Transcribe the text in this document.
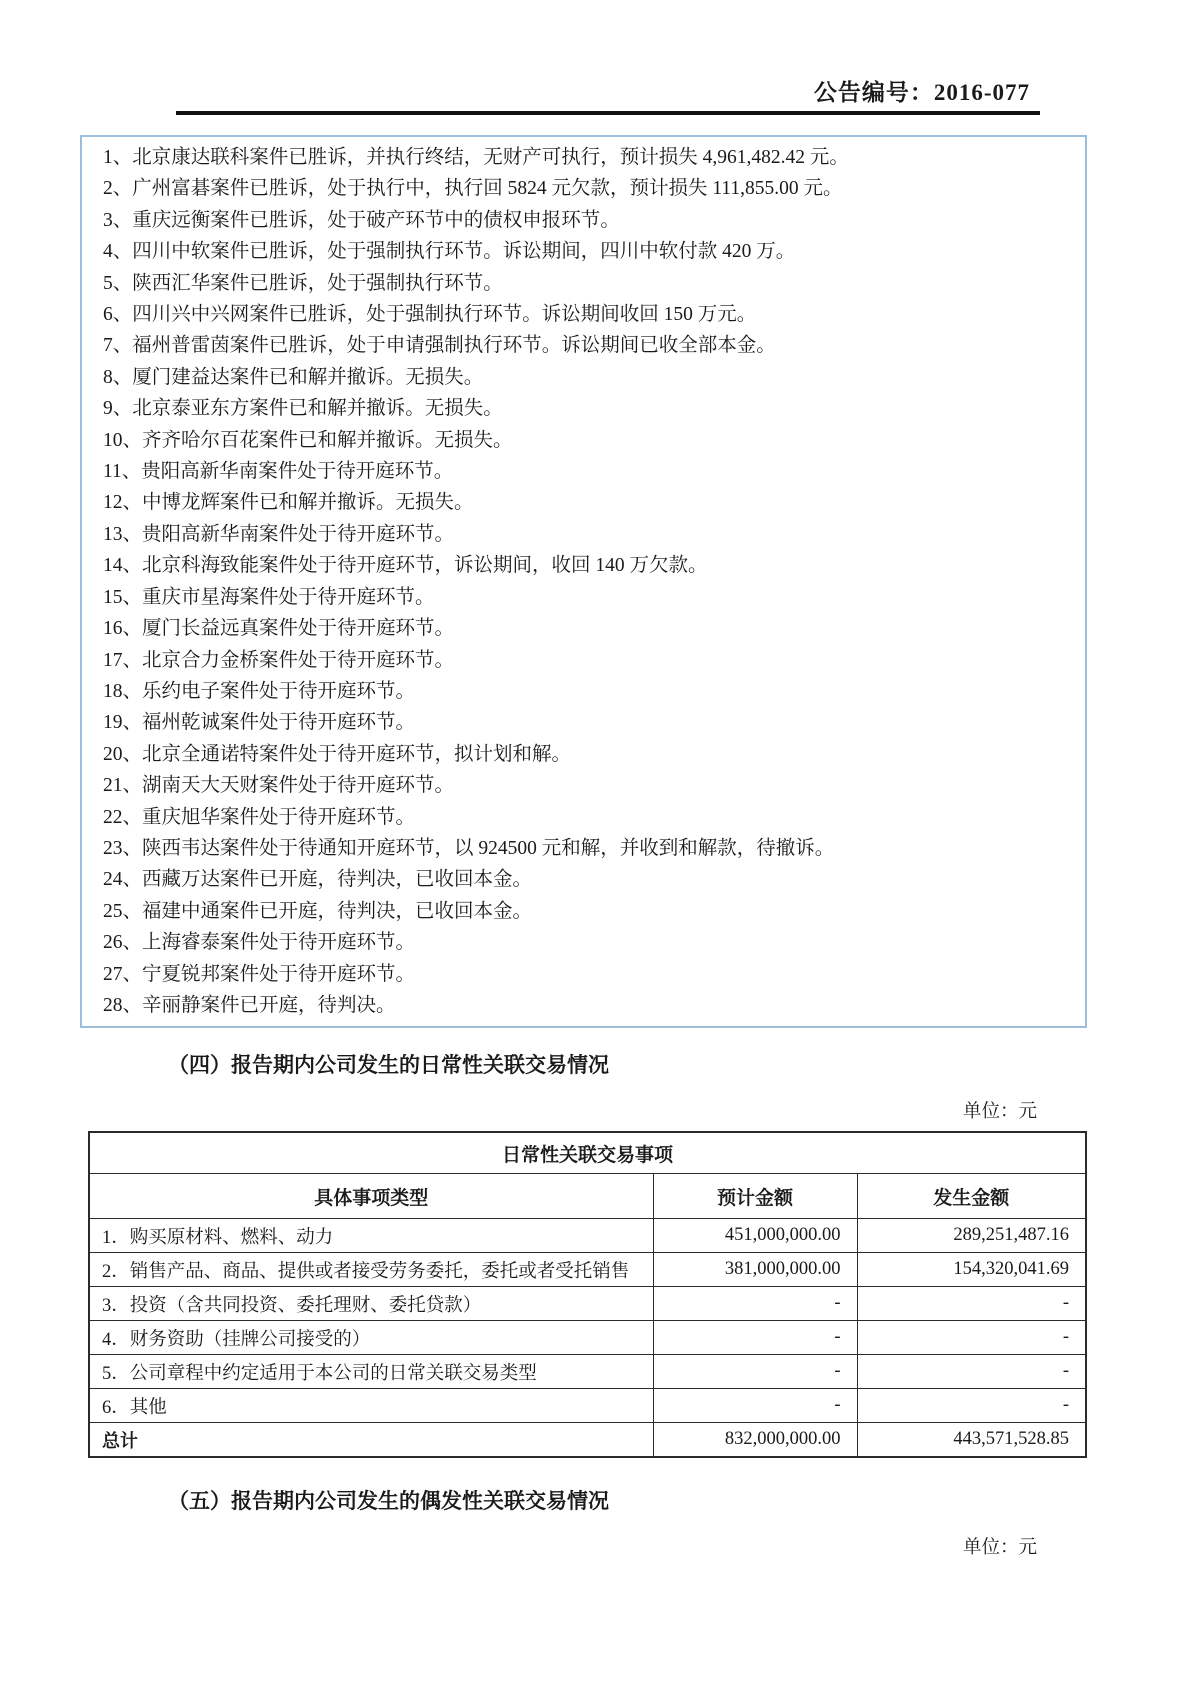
公告编号：2016-077
1、北京康达联科案件已胜诉，并执行终结，无财产可执行，预计损失 4,961,482.42 元。
2、广州富碁案件已胜诉，处于执行中，执行回 5824 元欠款，预计损失 111,855.00 元。
3、重庆远衡案件已胜诉，处于破产环节中的债权申报环节。
4、四川中软案件已胜诉，处于强制执行环节。诉讼期间，四川中软付款 420 万。
5、陕西汇华案件已胜诉，处于强制执行环节。
6、四川兴中兴网案件已胜诉，处于强制执行环节。诉讼期间收回 150 万元。
7、福州普雷茵案件已胜诉，处于申请强制执行环节。诉讼期间已收全部本金。
8、厦门建益达案件已和解并撤诉。无损失。
9、北京泰亚东方案件已和解并撤诉。无损失。
10、齐齐哈尔百花案件已和解并撤诉。无损失。
11、贵阳高新华南案件处于待开庭环节。
12、中博龙辉案件已和解并撤诉。无损失。
13、贵阳高新华南案件处于待开庭环节。
14、北京科海致能案件处于待开庭环节，诉讼期间，收回 140 万欠款。
15、重庆市星海案件处于待开庭环节。
16、厦门长益远真案件处于待开庭环节。
17、北京合力金桥案件处于待开庭环节。
18、乐约电子案件处于待开庭环节。
19、福州乾诚案件处于待开庭环节。
20、北京全通诺特案件处于待开庭环节，拟计划和解。
21、湖南天大天财案件处于待开庭环节。
22、重庆旭华案件处于待开庭环节。
23、陕西韦达案件处于待通知开庭环节，以 924500 元和解，并收到和解款，待撤诉。
24、西藏万达案件已开庭，待判决，已收回本金。
25、福建中通案件已开庭，待判决，已收回本金。
26、上海睿泰案件处于待开庭环节。
27、宁夏锐邦案件处于待开庭环节。
28、辛丽静案件已开庭，待判决。
（四）报告期内公司发生的日常性关联交易情况
单位：元
日常性关联交易事项		
具体事项类型	预计金额	发生金额
1．购买原材料、燃料、动力	451,000,000.00	289,251,487.16
2．销售产品、商品、提供或者接受劳务委托，委托或者受托销售	381,000,000.00	154,320,041.69
3．投资（含共同投资、委托理财、委托贷款）	-	-
4．财务资助（挂牌公司接受的）	-	-
5．公司章程中约定适用于本公司的日常关联交易类型	-	-
6．其他	-	-
总计	832,000,000.00	443,571,528.85
（五）报告期内公司发生的偶发性关联交易情况
单位：元
